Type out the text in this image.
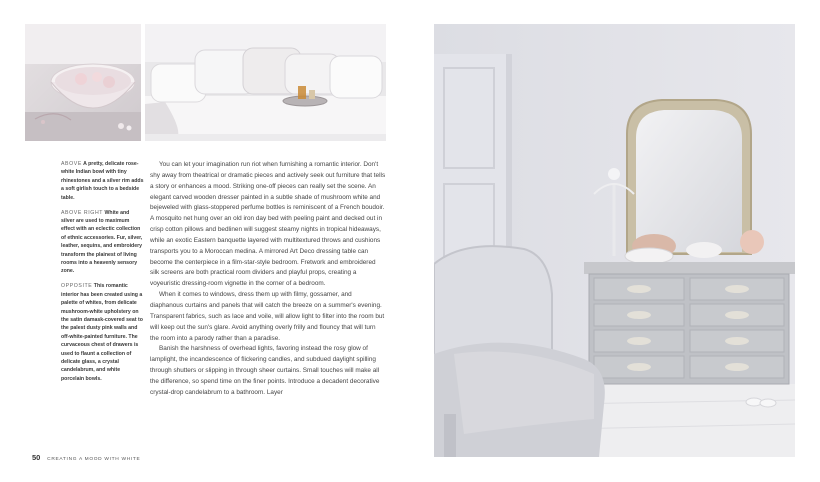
ABOVE A pretty, delicate rose-white Indian bowl with tiny rhinestones and a silver rim adds a soft girlish touch to a bedside table.

ABOVE RIGHT White and silver are used to maximum effect with an eclectic collection of ethnic accessories. Fur, silver, leather, sequins, and embroidery transform the plainest of living rooms into a heavenly sensory zone.

OPPOSITE This romantic interior has been created using a palette of whites, from delicate mushroom-white upholstery on the satin damask-covered seat to the palest dusty pink walls and off-white-painted furniture. The curvaceous chest of drawers is used to flaunt a collection of delicate glass, a crystal candelabrum, and white porcelain bowls.

You can let your imagination run riot when furnishing a romantic interior. Don't shy away from theatrical or dramatic pieces and actively seek out furniture that tells a story or enhances a mood. Striking one-off pieces can really set the scene. An elegant carved wooden dresser painted in a subtle shade of mushroom white and bejeweled with glass-stoppered perfume bottles is reminiscent of a French boudoir. A mosquito net hung over an old iron day bed with peeling paint and decked out in crisp cotton pillows and bedlinen will suggest steamy nights in tropical hideaways, while an exotic Eastern banquette layered with multitextured throws and cushions transports you to a Moroccan medina. A mirrored Art Deco dressing table can become the centerpiece in a film-star-style bedroom. Fretwork and embroidered silk screens are both practical room dividers and playful props, creating a voyeuristic dressing-room vignette in the corner of a bedroom.

When it comes to windows, dress them up with filmy, gossamer, and diaphanous curtains and panels that will catch the breeze on a summer's evening. Transparent fabrics, such as lace and voile, will allow light to filter into the room but will keep out the sun's glare. Avoid anything overly frilly and flouncy that will turn the room into a parody rather than a paradise.

Banish the harshness of overhead lights, favoring instead the rosy glow of lamplight, the incandescence of flickering candles, and subdued daylight spilling through shutters or slipping in through sheer curtains. Small touches will make all the difference, so spend time on the finer points. Introduce a decadent decorative crystal-drop candelabrum to a bathroom. Layer

50 CREATING A MOOD WITH WHITE
